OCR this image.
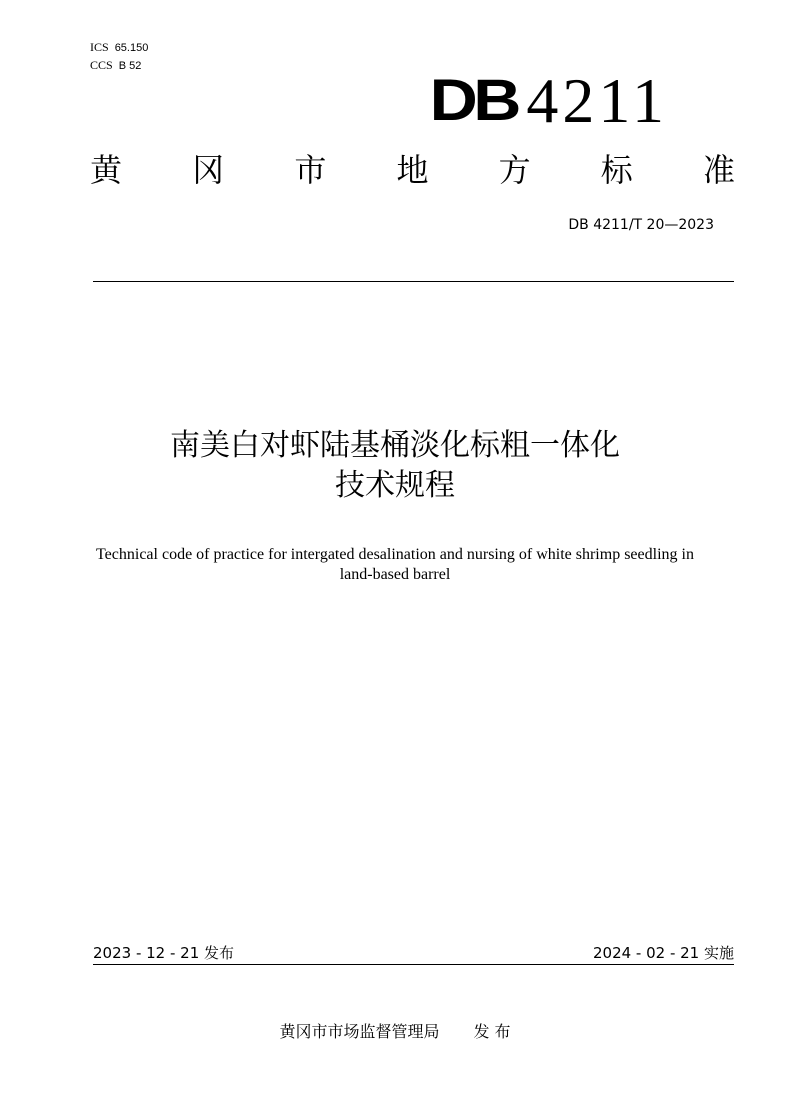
ICS 65.150
CCS B 52
DB 4211
黄 冈 市 地 方 标 准
DB 4211/T 20—2023
南美白对虾陆基桶淡化标粗一体化
技术规程
Technical code of practice for intergated desalination and nursing of white shrimp seedling in land-based barrel
2023 - 12 - 21 发布	2024 - 02 - 21 实施
黄冈市市场监督管理局 发 布
